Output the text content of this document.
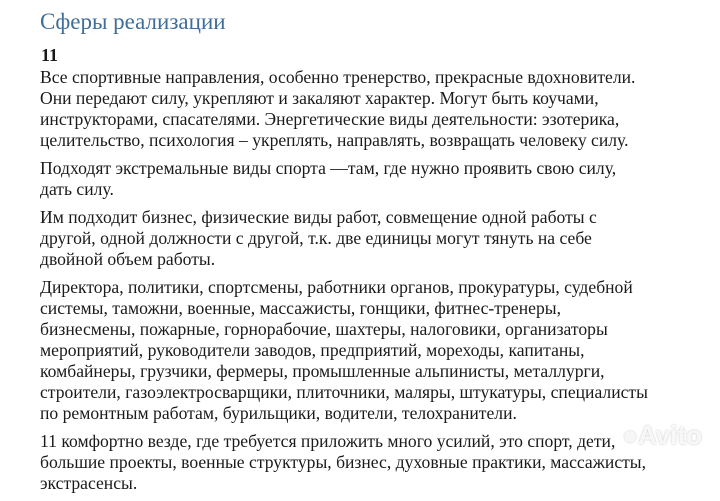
Сферы реализации
11

Все спортивные направления, особенно тренерство, прекрасные вдохновители.
Они передают силу, укрепляют и закаляют характер. Могут быть коучами,
инструкторами, спасателями. Энергетические виды деятельности: эзотерика,
целительство, психология – укреплять, направлять, возвращать человеку силу.

Подходят экстремальные виды спорта —там, где нужно проявить свою силу,
дать силу.

Им подходит бизнес, физические виды работ, совмещение одной работы с
другой, одной должности с другой, т.к. две единицы могут тянуть на себе
двойной объем работы.

Директора, политики, спортсмены, работники органов, прокуратуры, судебной
системы, таможни, военные, массажисты, гонщики, фитнес-тренеры,
бизнесмены, пожарные, горнорабочие, шахтеры, налоговики, организаторы
мероприятий, руководители заводов, предприятий, мореходы, капитаны,
комбайнеры, грузчики, фермеры, промышленные альпинисты, металлурги,
строители, газоэлектросварщики, плиточники, маляры, штукатуры, специалисты
по ремонтным работам, бурильщики, водители, телохранители.

11 комфортно везде, где требуется приложить много усилий, это спорт, дети,
большие проекты, военные структуры, бизнес, духовные практики, массажисты,
экстрасенсы.

●Avito
